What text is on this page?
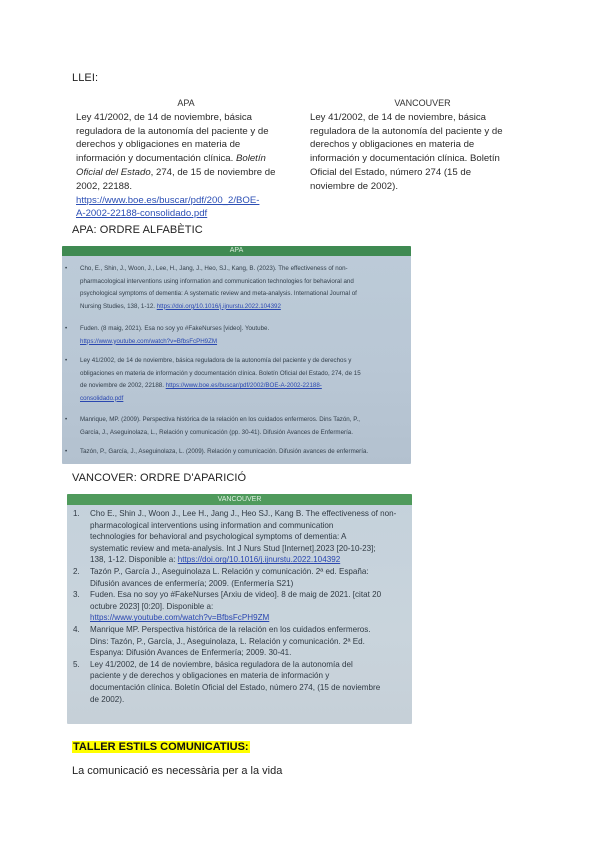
LLEI:
APA
Ley 41/2002, de 14 de noviembre, básica
reguladora de la autonomía del paciente y de
derechos y obligaciones en materia de
información y documentación clínica. Boletín
Oficial del Estado, 274, de 15 de noviembre de
2002, 22188.
https://www.boe.es/buscar/pdf/200_2/BOE-
A-2002-22188-consolidado.pdf
VANCOUVER
Ley 41/2002, de 14 de noviembre, básica
reguladora de la autonomía del paciente y de
derechos y obligaciones en materia de
información y documentación clínica. Boletín
Oficial del Estado, número 274 (15 de
noviembre de 2002).
APA: ORDRE ALFABÈTIC
APA
• Cho, E., Shin, J., Woon, J., Lee, H., Jang, J., Heo, SJ., Kang, B. (2023). The effectiveness of non-
pharmacological interventions using information and communication technologies for behavioral and
psychological symptoms of dementia: A systematic review and meta-analysis. International Journal of
Nursing Studies, 138, 1-12. https://doi.org/10.1016/j.ijnurstu.2022.104392
• Fuden. (8 maig, 2021). Esa no soy yo #FakeNurses [video]. Youtube.
https://www.youtube.com/watch?v=BfbsFcPH9ZM
• Ley 41/2002, de 14 de noviembre, básica reguladora de la autonomía del paciente y de derechos y
obligaciones en materia de información y documentación clínica. Boletín Oficial del Estado, 274, de 15
de noviembre de 2002, 22188. https://www.boe.es/buscar/pdf/2002/BOE-A-2002-22188-
consolidado.pdf
• Manrique, MP. (2009). Perspectiva histórica de la relación en los cuidados enfermeros. Dins Tazón, P.,
García, J., Aseguinolaza, L., Relación y comunicación (pp. 30-41). Difusión Avances de Enfermería.
• Tazón, P., García, J., Aseguinolaza, L. (2009). Relación y comunicación. Difusión avances de enfermería.
VANCOVER: ORDRE D'APARICIÓ
VANCOUVER
1. Cho E., Shin J., Woon J., Lee H., Jang J., Heo SJ., Kang B. The effectiveness of non-
pharmacological interventions using information and communication
technologies for behavioral and psychological symptoms of dementia: A
systematic review and meta-analysis. Int J Nurs Stud [Internet].2023 [20-10-23];
138, 1-12. Disponible a: https://doi.org/10.1016/j.ijnurstu.2022.104392
2. Tazón P., García J., Aseguinolaza L. Relación y comunicación. 2ª ed. España:
Difusión avances de enfermería; 2009. (Enfermería S21)
3. Fuden. Esa no soy yo #FakeNurses [Arxiu de video]. 8 de maig de 2021. [citat 20
octubre 2023] [0:20]. Disponible a:
https://www.youtube.com/watch?v=BfbsFcPH9ZM
4. Manrique MP. Perspectiva histórica de la relación en los cuidados enfermeros.
Dins: Tazón, P., García, J., Aseguinolaza, L. Relación y comunicación. 2ª Ed.
Espanya: Difusión Avances de Enfermería; 2009. 30-41.
5. Ley 41/2002, de 14 de noviembre, básica reguladora de la autonomía del
paciente y de derechos y obligaciones en materia de información y
documentación clínica. Boletín Oficial del Estado, número 274, (15 de noviembre
de 2002).
TALLER ESTILS COMUNICATIUS:
La comunicació es necessària per a la vida
